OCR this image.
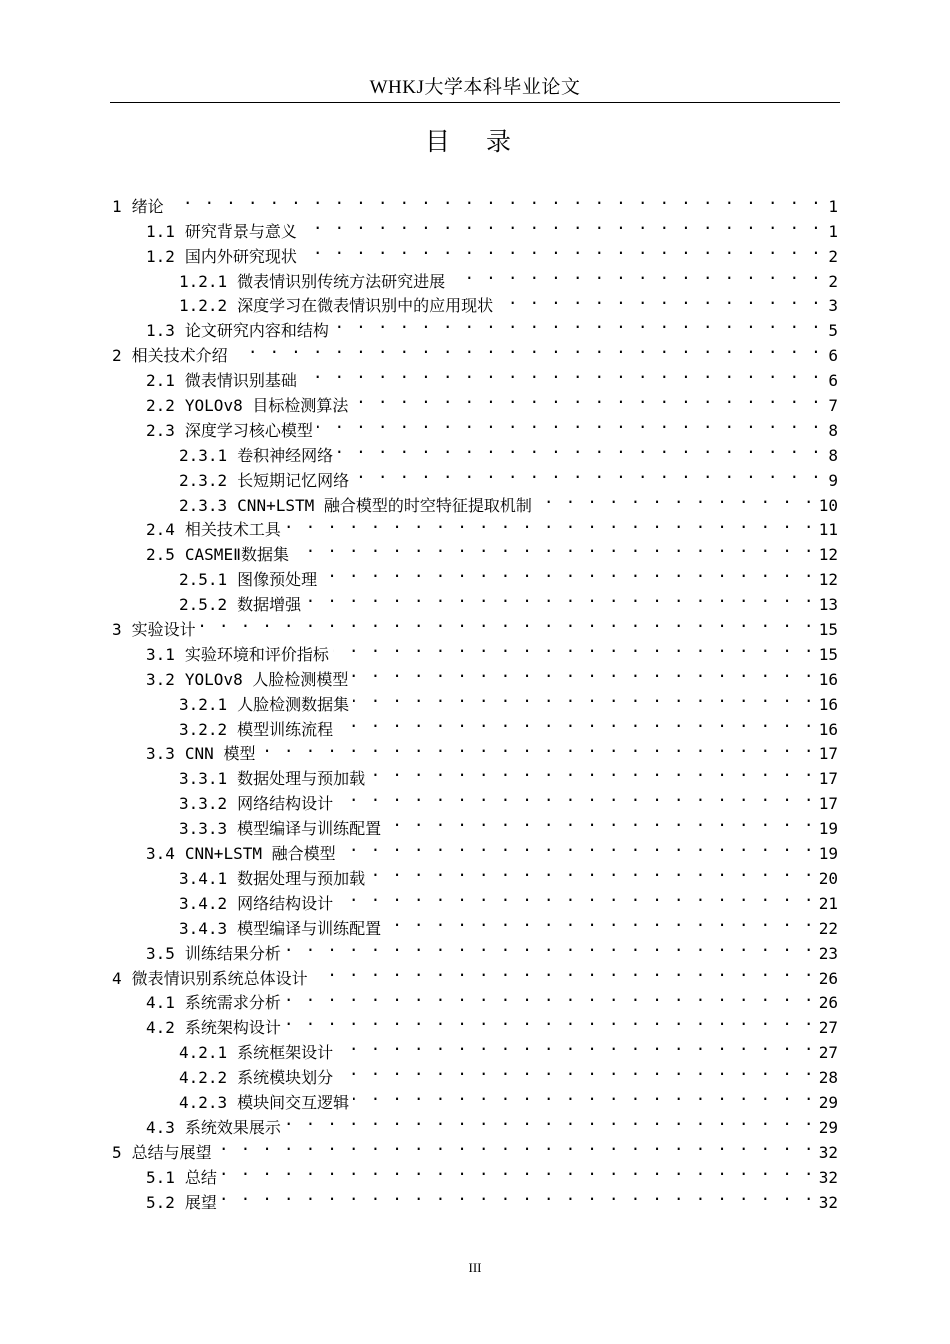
WHKJ大学本科毕业论文
目 录
1 绪论 . . .	1
1.1 研究背景与意义 . . .	1
1.2 国内外研究现状 . . .	2
1.2.1 微表情识别传统方法研究进展 . . .	2
1.2.2 深度学习在微表情识别中的应用现状 . . .	3
1.3 论文研究内容和结构 . . .	5
2 相关技术介绍 . . .	6
2.1 微表情识别基础 . . .	6
2.2 YOLOv8 目标检测算法 . . .	7
2.3 深度学习核心模型 . . .	8
2.3.1 卷积神经网络 . . .	8
2.3.2 长短期记忆网络 . . .	9
2.3.3 CNN+LSTM 融合模型的时空特征提取机制 . . .	10
2.4 相关技术工具 . . .	11
2.5 CASMEⅡ数据集 . . .	12
2.5.1 图像预处理 . . .	12
2.5.2 数据增强 . . .	13
3 实验设计 . . .	15
3.1 实验环境和评价指标 . . .	15
3.2 YOLOv8 人脸检测模型 . . .	16
3.2.1 人脸检测数据集 . . .	16
3.2.2 模型训练流程 . . .	16
3.3 CNN 模型 . . .	17
3.3.1 数据处理与预加载 . . .	17
3.3.2 网络结构设计 . . .	17
3.3.3 模型编译与训练配置 . . .	19
3.4 CNN+LSTM 融合模型 . . .	19
3.4.1 数据处理与预加载 . . .	20
3.4.2 网络结构设计 . . .	21
3.4.3 模型编译与训练配置 . . .	22
3.5 训练结果分析 . . .	23
4 微表情识别系统总体设计 . . .	26
4.1 系统需求分析 . . .	26
4.2 系统架构设计 . . .	27
4.2.1 系统框架设计 . . .	27
4.2.2 系统模块划分 . . .	28
4.2.3 模块间交互逻辑 . . .	29
4.3 系统效果展示 . . .	29
5 总结与展望 . . .	32
5.1 总结 . . .	32
5.2 展望 . . .	32
III
